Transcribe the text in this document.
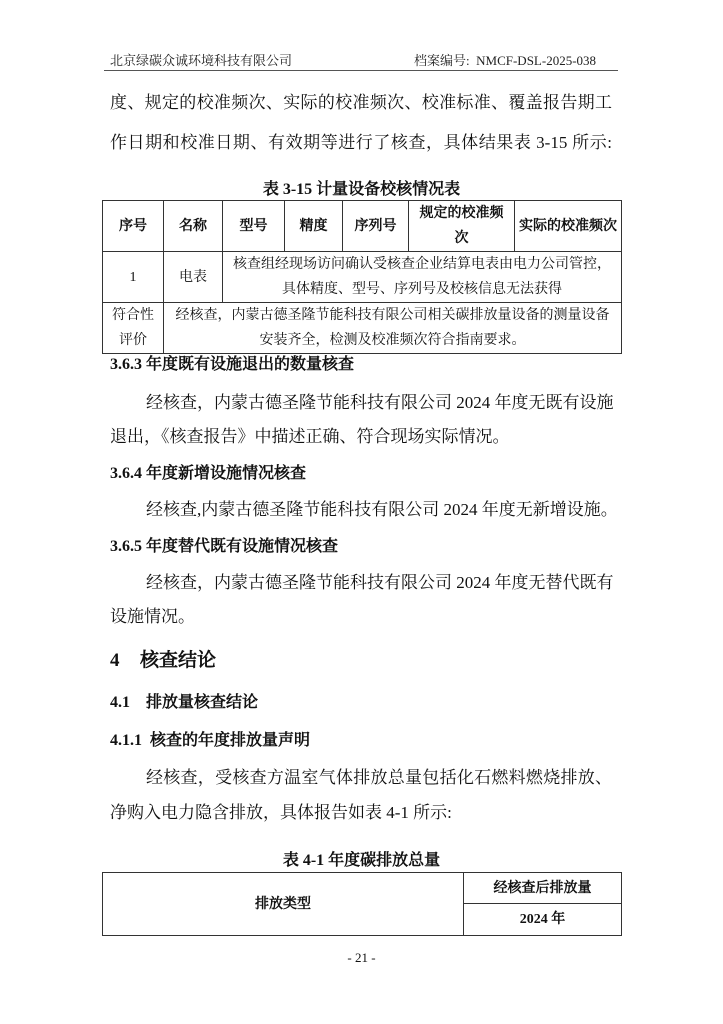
北京绿碳众诚环境科技有限公司	档案编号: NMCF-DSL-2025-038
度、规定的校准频次、实际的校准频次、校准标准、覆盖报告期工
作日期和校准日期、有效期等进行了核查，具体结果表 3-15 所示:
表 3-15 计量设备校核情况表
序号	名称	型号	精度	序列号	规定的校准频次	实际的校准频次
1	电表	核查组经现场访问确认受核查企业结算电表由电力公司管控，具体精度、型号、序列号及校核信息无法获得				
符合性评价	经核查，内蒙古德圣隆节能科技有限公司相关碳排放量设备的测量设备安装齐全，检测及校准频次符合指南要求。					
3.6.3 年度既有设施退出的数量核查
经核查，内蒙古德圣隆节能科技有限公司 2024 年度无既有设施
退出，《核查报告》中描述正确、符合现场实际情况。
3.6.4 年度新增设施情况核查
经核查,内蒙古德圣隆节能科技有限公司 2024 年度无新增设施。
3.6.5 年度替代既有设施情况核查
经核查，内蒙古德圣隆节能科技有限公司 2024 年度无替代既有
设施情况。
4 核查结论
4.1 排放量核查结论
4.1.1 核查的年度排放量声明
经核查，受核查方温室气体排放总量包括化石燃料燃烧排放、
净购入电力隐含排放，具体报告如表 4-1 所示:
表 4-1 年度碳排放总量
排放类型	经核查后排放量
2024 年
- 21 -
